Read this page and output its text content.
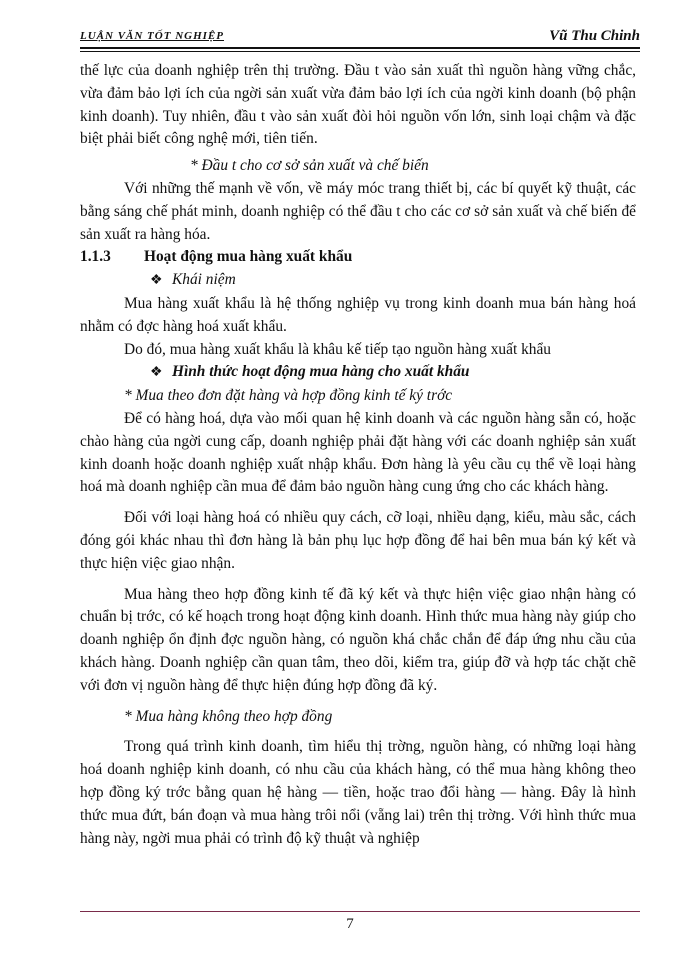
LUẬN VĂN TỐT NGHIỆP	Vũ Thu Chinh

thế lực của doanh nghiệp trên thị trường. Đầu t vào sản xuất thì nguồn hàng vững chắc, vừa đảm bảo lợi ích của ngời sản xuất vừa đảm bảo lợi ích của ngời kinh doanh (bộ phận kinh doanh). Tuy nhiên, đầu t vào sản xuất đòi hỏi nguồn vốn lớn, sinh loại chậm và đặc biệt phải biết công nghệ mới, tiên tiến.

* Đầu t cho cơ sở sản xuất và chế biến

Với những thế mạnh về vốn, về máy móc trang thiết bị, các bí quyết kỹ thuật, các bằng sáng chế phát minh, doanh nghiệp có thể đầu t cho các cơ sở sản xuất và chế biến để sản xuất ra hàng hóa.

1.1.3 Hoạt động mua hàng xuất khẩu

❖ Khái niệm

Mua hàng xuất khẩu là hệ thống nghiệp vụ trong kinh doanh mua bán hàng hoá nhằm có đợc hàng hoá xuất khẩu.

Do đó, mua hàng xuất khẩu là khâu kế tiếp tạo nguồn hàng xuất khẩu

❖ Hình thức hoạt động mua hàng cho xuất khẩu

* Mua theo đơn đặt hàng và hợp đồng kinh tế ký trớc

Để có hàng hoá, dựa vào mối quan hệ kinh doanh và các nguồn hàng sẵn có, hoặc chào hàng của ngời cung cấp, doanh nghiệp phải đặt hàng với các doanh nghiệp sản xuất kinh doanh hoặc doanh nghiệp xuất nhập khẩu. Đơn hàng là yêu cầu cụ thể về loại hàng hoá mà doanh nghiệp cần mua để đảm bảo nguồn hàng cung ứng cho các khách hàng.

Đối với loại hàng hoá có nhiều quy cách, cỡ loại, nhiều dạng, kiểu, màu sắc, cách đóng gói khác nhau thì đơn hàng là bản phụ lục hợp đồng để hai bên mua bán ký kết và thực hiện việc giao nhận.

Mua hàng theo hợp đồng kinh tế đã ký kết và thực hiện việc giao nhận hàng có chuẩn bị trớc, có kế hoạch trong hoạt động kinh doanh. Hình thức mua hàng này giúp cho doanh nghiệp ổn định đợc nguồn hàng, có nguồn khá chắc chắn để đáp ứng nhu cầu của khách hàng. Doanh nghiệp cần quan tâm, theo dõi, kiểm tra, giúp đỡ và hợp tác chặt chẽ với đơn vị nguồn hàng để thực hiện đúng hợp đồng đã ký.

* Mua hàng không theo hợp đồng

Trong quá trình kinh doanh, tìm hiểu thị trờng, nguồn hàng, có những loại hàng hoá doanh nghiệp kinh doanh, có nhu cầu của khách hàng, có thể mua hàng không theo hợp đồng ký trớc bằng quan hệ hàng — tiền, hoặc trao đổi hàng — hàng. Đây là hình thức mua đứt, bán đoạn và mua hàng trôi nổi (vẵng lai) trên thị trờng. Với hình thức mua hàng này, ngời mua phải có trình độ kỹ thuật và nghiệp

7
